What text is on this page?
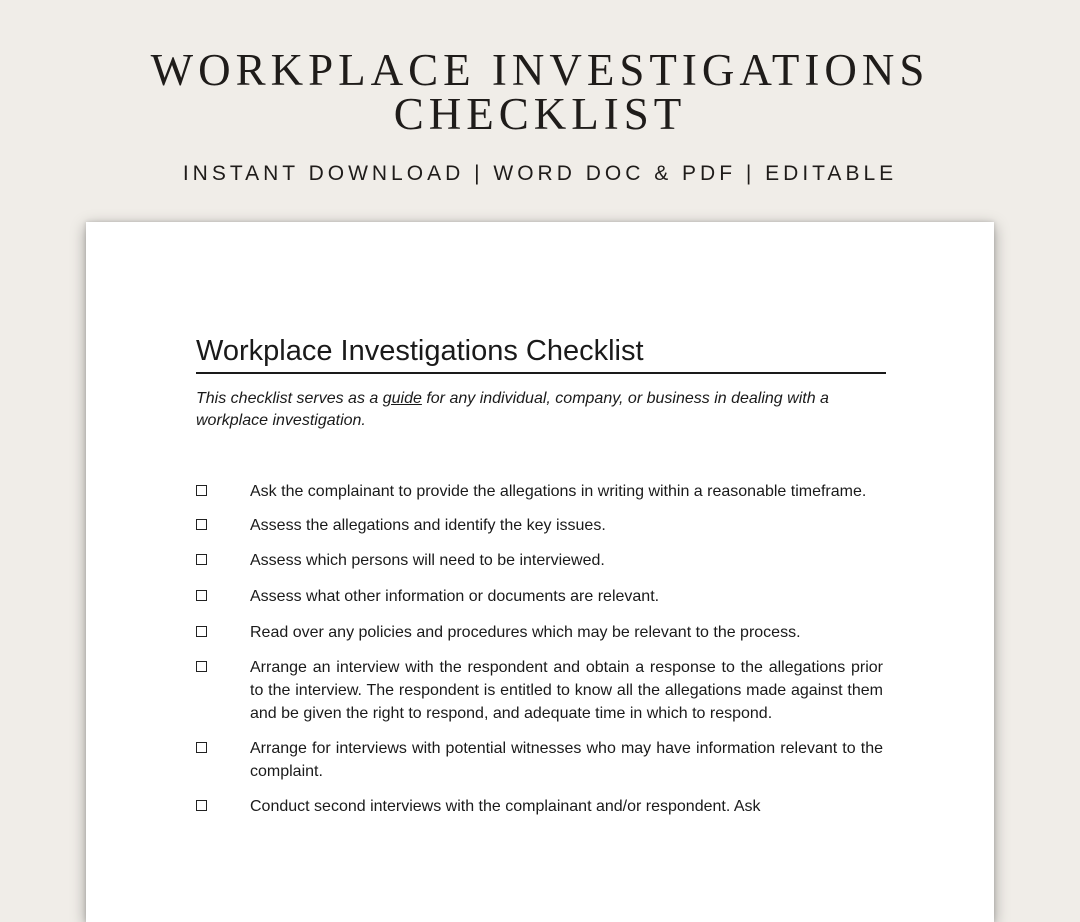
WORKPLACE INVESTIGATIONS
CHECKLIST
INSTANT DOWNLOAD | WORD DOC & PDF | EDITABLE
Workplace Investigations Checklist
This checklist serves as a guide for any individual, company, or business in dealing with a workplace investigation.
Ask the complainant to provide the allegations in writing within a reasonable timeframe.
Assess the allegations and identify the key issues.
Assess which persons will need to be interviewed.
Assess what other information or documents are relevant.
Read over any policies and procedures which may be relevant to the process.
Arrange an interview with the respondent and obtain a response to the allegations prior to the interview. The respondent is entitled to know all the allegations made against them and be given the right to respond, and adequate time in which to respond.
Arrange for interviews with potential witnesses who may have information relevant to the complaint.
Conduct second interviews with the complainant and/or respondent. Ask
